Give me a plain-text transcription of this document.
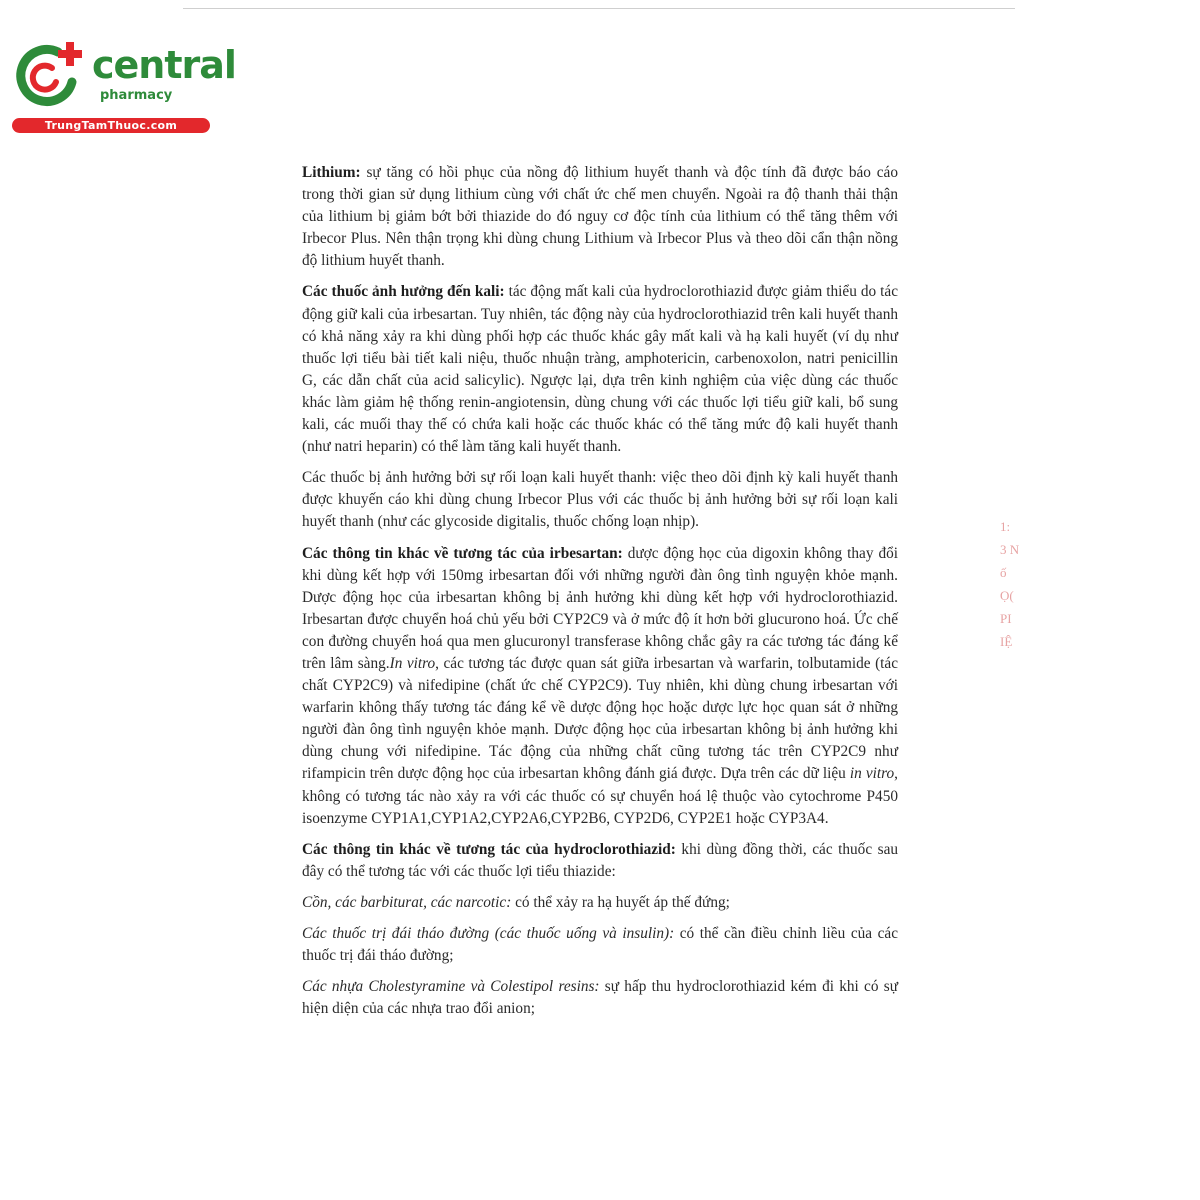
central
pharmacy
TrungTamThuoc.com

Lithium: sự tăng có hồi phục của nồng độ lithium huyết thanh và độc tính đã được báo cáo trong thời gian sử dụng lithium cùng với chất ức chế men chuyển. Ngoài ra độ thanh thải thận của lithium bị giảm bớt bởi thiazide do đó nguy cơ độc tính của lithium có thể tăng thêm với Irbecor Plus. Nên thận trọng khi dùng chung Lithium và Irbecor Plus và theo dõi cẩn thận nồng độ lithium huyết thanh.

Các thuốc ảnh hưởng đến kali: tác động mất kali của hydroclorothiazid được giảm thiểu do tác động giữ kali của irbesartan. Tuy nhiên, tác động này của hydroclorothiazid trên kali huyết thanh có khả năng xảy ra khi dùng phối hợp các thuốc khác gây mất kali và hạ kali huyết (ví dụ như thuốc lợi tiểu bài tiết kali niệu, thuốc nhuận tràng, amphotericin, carbenoxolon, natri penicillin G, các dẫn chất của acid salicylic). Ngược lại, dựa trên kinh nghiệm của việc dùng các thuốc khác làm giảm hệ thống renin-angiotensin, dùng chung với các thuốc lợi tiểu giữ kali, bổ sung kali, các muối thay thế có chứa kali hoặc các thuốc khác có thể tăng mức độ kali huyết thanh (như natri heparin) có thể làm tăng kali huyết thanh.

Các thuốc bị ảnh hưởng bởi sự rối loạn kali huyết thanh: việc theo dõi định kỳ kali huyết thanh được khuyến cáo khi dùng chung Irbecor Plus với các thuốc bị ảnh hưởng bởi sự rối loạn kali huyết thanh (như các glycoside digitalis, thuốc chống loạn nhịp).

Các thông tin khác về tương tác của irbesartan: dược động học của digoxin không thay đổi khi dùng kết hợp với 150mg irbesartan đối với những người đàn ông tình nguyện khỏe mạnh. Dược động học của irbesartan không bị ảnh hưởng khi dùng kết hợp với hydroclorothiazid. Irbesartan được chuyển hoá chủ yếu bởi CYP2C9 và ở mức độ ít hơn bởi glucurono hoá. Ức chế con đường chuyển hoá qua men glucuronyl transferase không chắc gây ra các tương tác đáng kể trên lâm sàng.In vitro, các tương tác được quan sát giữa irbesartan và warfarin, tolbutamide (tác chất CYP2C9) và nifedipine (chất ức chế CYP2C9). Tuy nhiên, khi dùng chung irbesartan với warfarin không thấy tương tác đáng kể về dược động học hoặc dược lực học quan sát ở những người đàn ông tình nguyện khỏe mạnh. Dược động học của irbesartan không bị ảnh hưởng khi dùng chung với nifedipine. Tác động của những chất cũng tương tác trên CYP2C9 như rifampicin trên dược động học của irbesartan không đánh giá được. Dựa trên các dữ liệu in vitro, không có tương tác nào xảy ra với các thuốc có sự chuyển hoá lệ thuộc vào cytochrome P450 isoenzyme CYP1A1,CYP1A2,CYP2A6,CYP2B6, CYP2D6, CYP2E1 hoặc CYP3A4.

Các thông tin khác về tương tác của hydroclorothiazid: khi dùng đồng thời, các thuốc sau đây có thể tương tác với các thuốc lợi tiểu thiazide:

Cồn, các barbiturat, các narcotic: có thể xảy ra hạ huyết áp thế đứng;

Các thuốc trị đái tháo đường (các thuốc uống và insulin): có thể cần điều chỉnh liều của các thuốc trị đái tháo đường;

Các nhựa Cholestyramine và Colestipol resins: sự hấp thu hydroclorothiazid kém đi khi có sự hiện diện của các nhựa trao đổi anion;

1:
3 N
ố
Ọ(
PI
IỆ
